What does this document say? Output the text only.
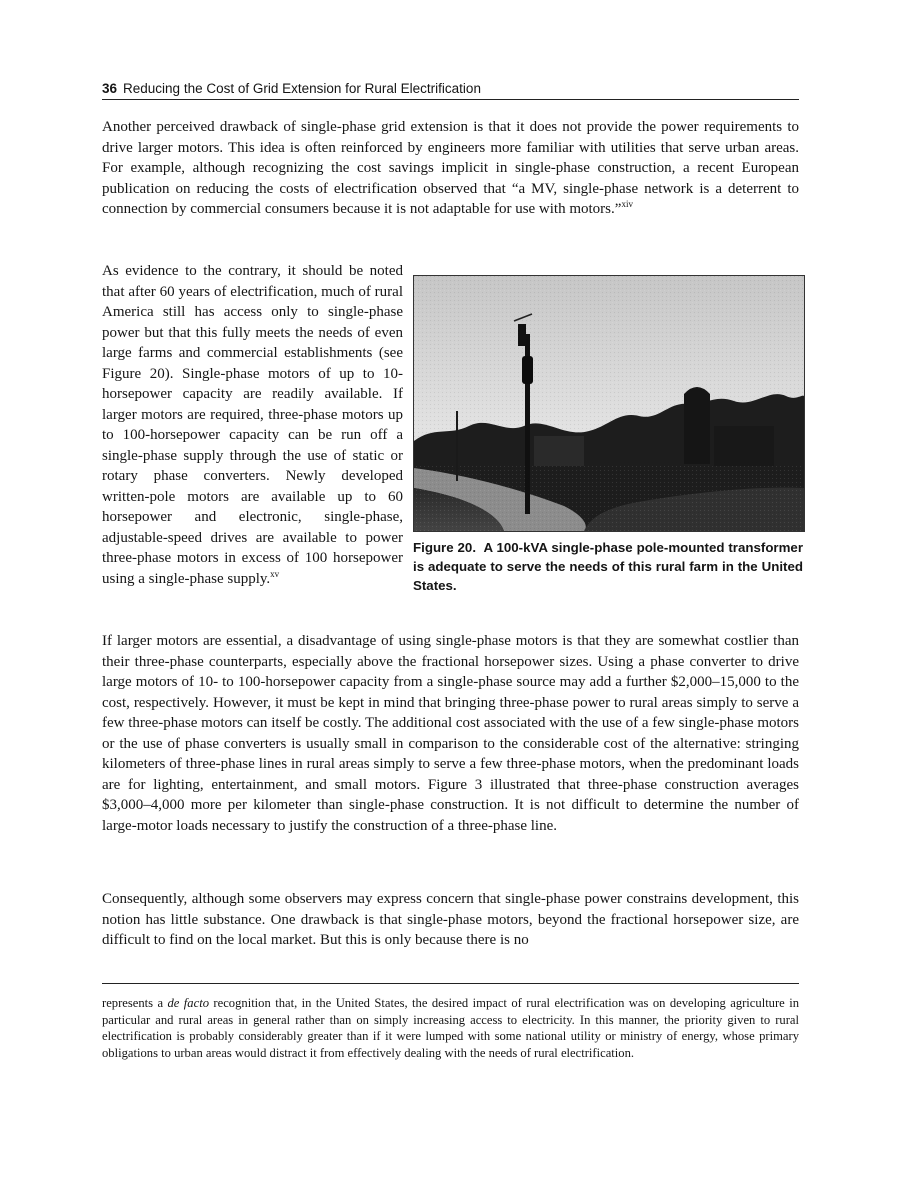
36 Reducing the Cost of Grid Extension for Rural Electrification

Another perceived drawback of single-phase grid extension is that it does not provide the power requirements to drive larger motors. This idea is often reinforced by engineers more familiar with utilities that serve urban areas. For example, although recognizing the cost savings implicit in single-phase construction, a recent European publication on reducing the costs of electrification observed that “a MV, single-phase network is a deterrent to connection by commercial consumers because it is not adaptable for use with motors.”$^{xiv}$

As evidence to the contrary, it should be noted that after 60 years of electrification, much of rural America still has access only to single-phase power but that this fully meets the needs of even large farms and commercial establishments (see Figure 20). Single-phase motors of up to 10-horsepower capacity are readily available. If larger motors are required, three-phase motors up to 100-horsepower capacity can be run off a single-phase supply through the use of static or rotary phase converters. Newly developed written-pole motors are available up to 60 horsepower and electronic, single-phase, adjustable-speed drives are available to power three-phase motors in excess of 100 horsepower using a single-phase supply.$^{xv}$

Figure 20. A 100-kVA single-phase pole-mounted transformer is adequate to serve the needs of this rural farm in the United States.

If larger motors are essential, a disadvantage of using single-phase motors is that they are somewhat costlier than their three-phase counterparts, especially above the fractional horsepower sizes. Using a phase converter to drive large motors of 10- to 100-horsepower capacity from a single-phase source may add a further $2,000–15,000 to the cost, respectively. However, it must be kept in mind that bringing three-phase power to rural areas simply to serve a few three-phase motors can itself be costly. The additional cost associated with the use of a few single-phase motors or the use of phase converters is usually small in comparison to the considerable cost of the alternative: stringing kilometers of three-phase lines in rural areas simply to serve a few three-phase motors, when the predominant loads are for lighting, entertainment, and small motors. Figure 3 illustrated that three-phase construction averages $3,000–4,000 more per kilometer than single-phase construction. It is not difficult to determine the number of large-motor loads necessary to justify the construction of a three-phase line.

Consequently, although some observers may express concern that single-phase power constrains development, this notion has little substance. One drawback is that single-phase motors, beyond the fractional horsepower size, are difficult to find on the local market. But this is only because there is no

represents a de facto recognition that, in the United States, the desired impact of rural electrification was on developing agriculture in particular and rural areas in general rather than on simply increasing access to electricity. In this manner, the priority given to rural electrification is probably considerably greater than if it were lumped with some national utility or ministry of energy, whose primary obligations to urban areas would distract it from effectively dealing with the needs of rural electrification.
